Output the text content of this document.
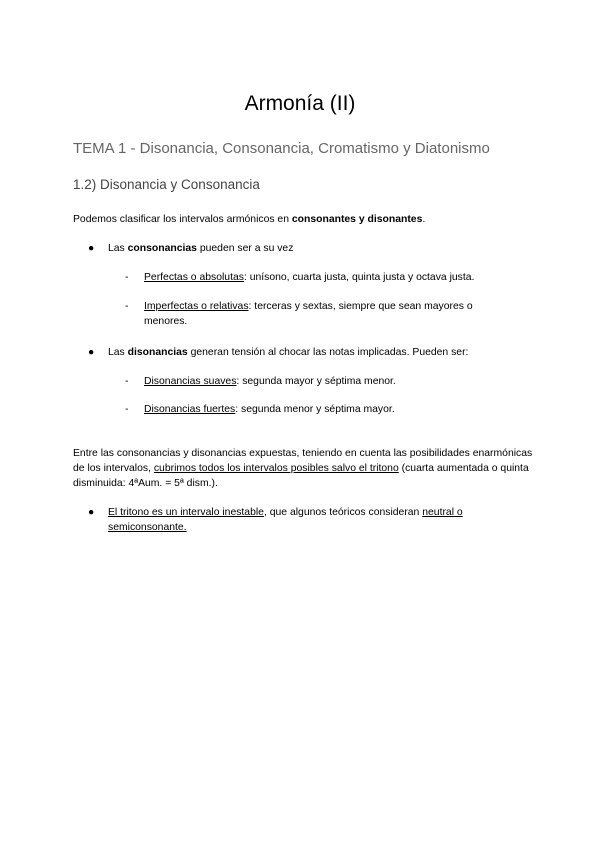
Armonía (II)
TEMA 1 - Disonancia, Consonancia, Cromatismo y Diatonismo
1.2) Disonancia y Consonancia
Podemos clasificar los intervalos armónicos en consonantes y disonantes.
● Las consonancias pueden ser a su vez
- Perfectas o absolutas: unísono, cuarta justa, quinta justa y octava justa.
- Imperfectas o relativas: terceras y sextas, siempre que sean mayores o menores.
● Las disonancias generan tensión al chocar las notas implicadas. Pueden ser:
- Disonancias suaves: segunda mayor y séptima menor.
- Disonancias fuertes: segunda menor y séptima mayor.
Entre las consonancias y disonancias expuestas, teniendo en cuenta las posibilidades enarmónicas de los intervalos, cubrimos todos los intervalos posibles salvo el tritono (cuarta aumentada o quinta disminuida: 4ªAum. = 5ª dism.).
● El tritono es un intervalo inestable, que algunos teóricos consideran neutral o semiconsonante.
